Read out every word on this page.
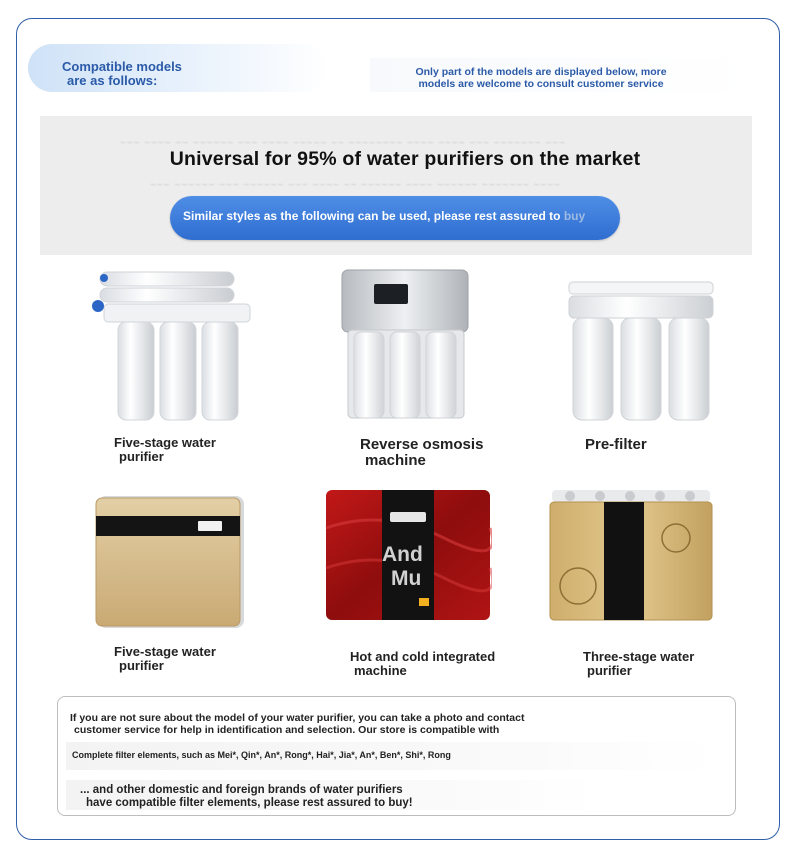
Compatible models
are as follows:
Only part of the models are displayed below, more
models are welcome to consult customer service
~~~ ~~~~ ~~ ~~~~~~ ~~~ ~~~~ ~~~~~ ~~ ~~~~~~~~ ~~~~ ~~~~ ~~~ ~~~~~~~ ~~~
~~~ ~~~~~~ ~~~ ~~~~~~ ~~~ ~~~~ ~~ ~~~~~~ ~~~~ ~~~~~~ ~~~~~~~ ~~~~
Universal for 95% of water purifiers on the market
Similar styles as the following can be used, please rest assured to buy
Five-stage water
purifier
Reverse osmosis
machine
Pre-filter
Five-stage water
purifier
And
Mu
Hot and cold integrated
machine
Three-stage water
purifier
If you are not sure about the model of your water purifier, you can take a photo and contact
customer service for help in identification and selection. Our store is compatible with
Complete filter elements, such as Mei*, Qin*, An*, Rong*, Hai*, Jia*, An*, Ben*, Shi*, Rong
... and other domestic and foreign brands of water purifiers
have compatible filter elements, please rest assured to buy!
